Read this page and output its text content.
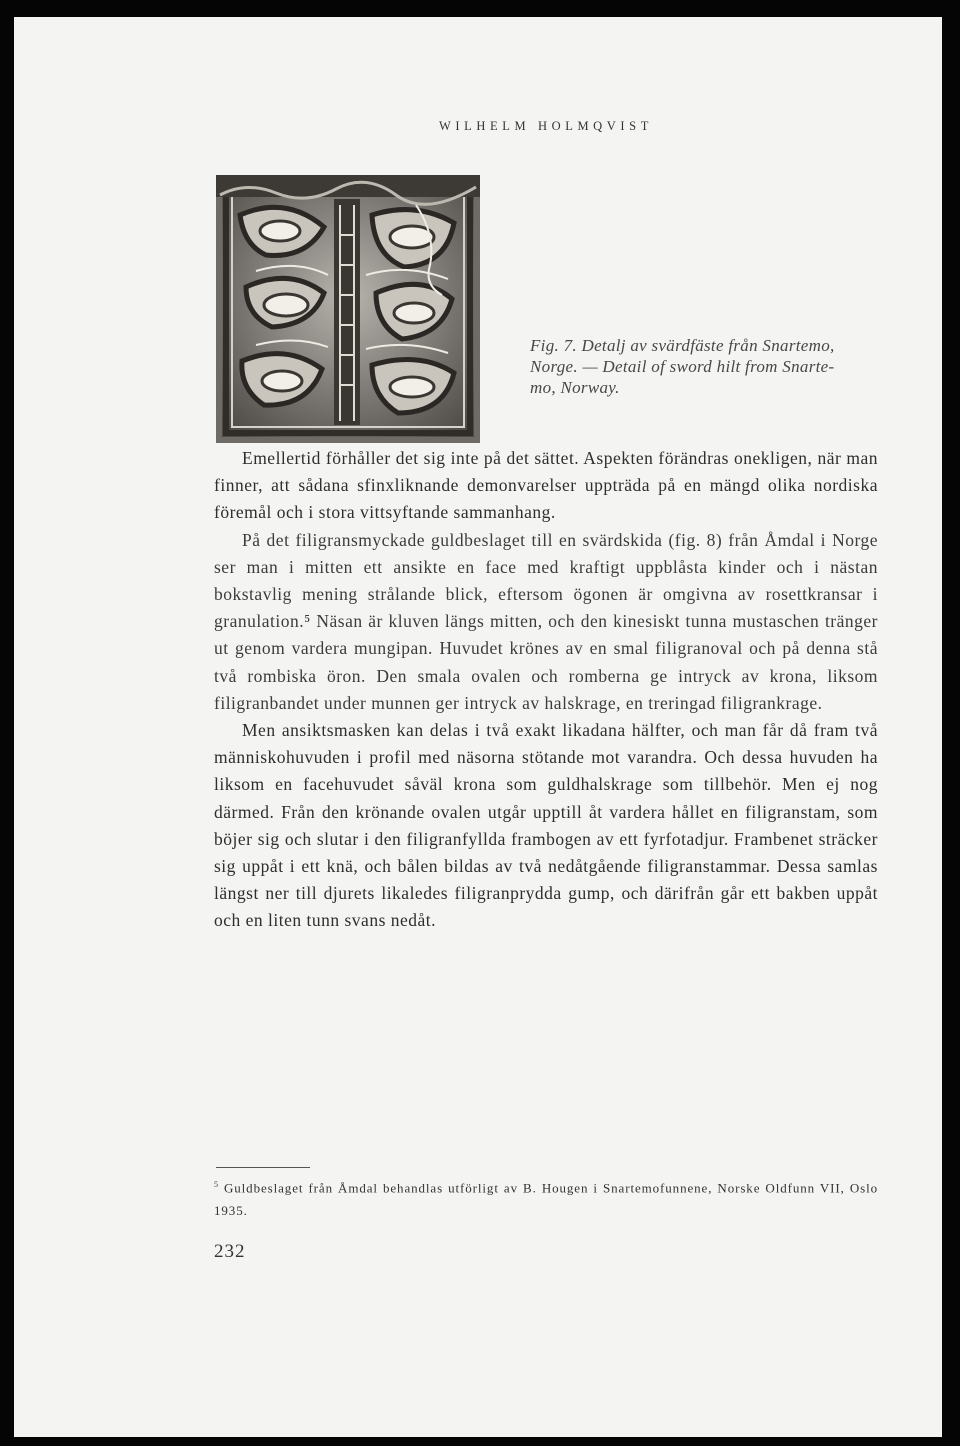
WILHELM HOLMQVIST
Fig. 7. Detalj av svärdfäste från Snartemo,
Norge. — Detail of sword hilt from Snarte-
mo, Norway.

Emellertid förhåller det sig inte på det sättet. Aspekten förändras onekligen, när man finner, att sådana sfinxliknande demonvarelser uppträda på en mängd olika nordiska föremål och i stora vittsyftande sammanhang.

På det filigransmyckade guldbeslaget till en svärdskida (fig. 8) från Åmdal i Norge ser man i mitten ett ansikte en face med kraftigt uppblåsta kinder och i nästan bokstavlig mening strålande blick, eftersom ögonen är omgivna av rosettkransar i granulation.⁵ Näsan är kluven längs mitten, och den kinesiskt tunna mustaschen tränger ut genom vardera mungipan. Huvudet krönes av en smal filigranoval och på denna stå två rombiska öron. Den smala ovalen och romberna ge intryck av krona, liksom filigranbandet under munnen ger intryck av halskrage, en treringad filigrankrage.

Men ansiktsmasken kan delas i två exakt likadana hälfter, och man får då fram två människohuvuden i profil med näsorna stötande mot varandra. Och dessa huvuden ha liksom en facehuvudet såväl krona som guldhalskrage som tillbehör. Men ej nog därmed. Från den krönande ovalen utgår upptill åt vardera hållet en filigranstam, som böjer sig och slutar i den filigranfyllda frambogen av ett fyrfotadjur. Frambenet sträcker sig uppåt i ett knä, och bålen bildas av två nedåtgående filigranstammar. Dessa samlas längst ner till djurets likaledes filigranprydda gump, och därifrån går ett bakben uppåt och en liten tunn svans nedåt.

$^5$ Guldbeslaget från Åmdal behandlas utförligt av B. Hougen i Snartemofunnene, Norske Oldfunn VII, Oslo 1935.
232
